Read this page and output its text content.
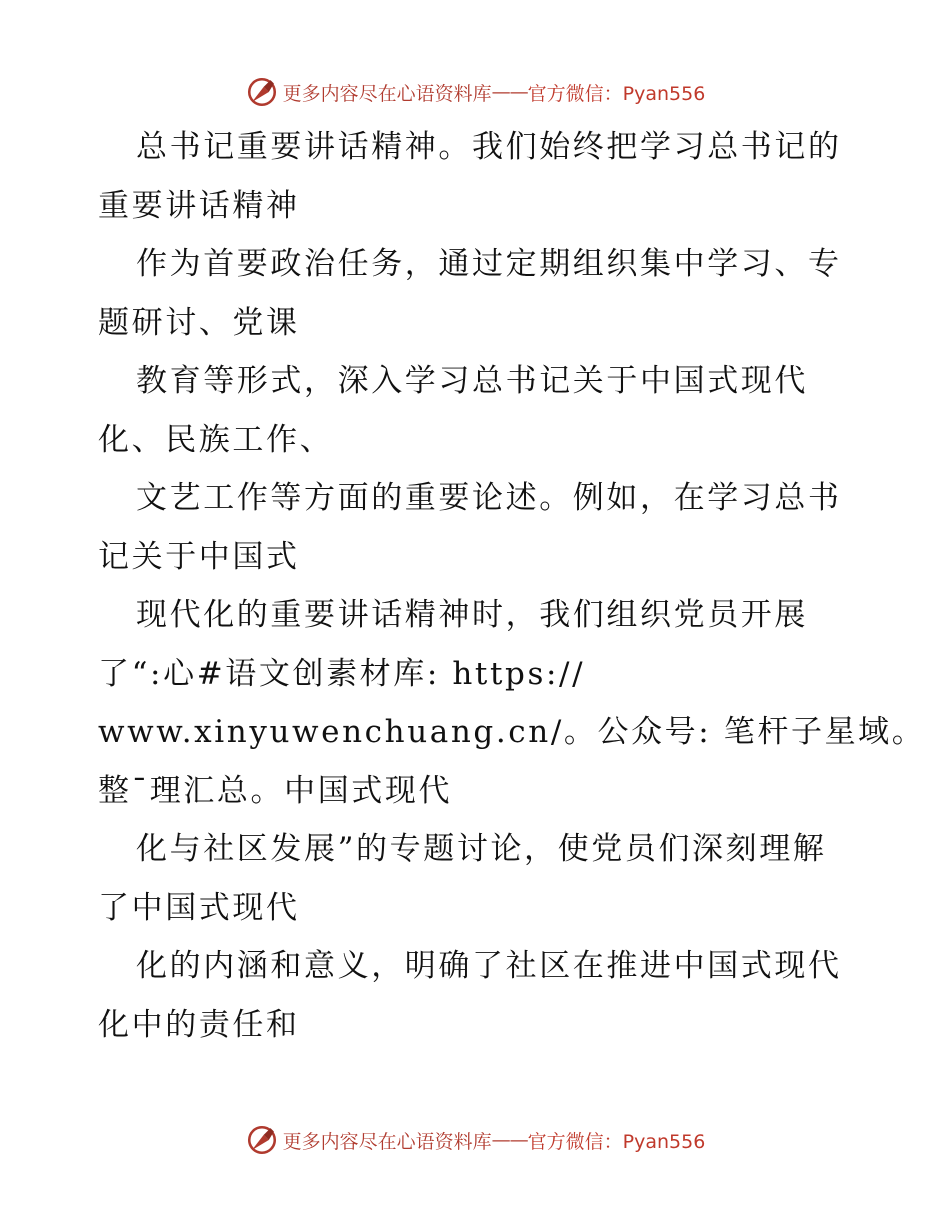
更多内容尽在心语资料库 —— 官方微信：Pyan556
总书记重要讲话精神。我们始终把学习总书记的
重要讲话精神
作为首要政治任务，通过定期组织集中学习、专
题研讨、党课
教育等形式，深入学习总书记关于中国式现代
化、民族工作、
文艺工作等方面的重要论述。例如，在学习总书
记关于中国式
现代化的重要讲话精神时，我们组织党员开展
了“:心#语文创素材库: https://
www.xinyuwenchuang.cn/。公众号: 笔杆子星域。
整¯理汇总。中国式现代
化与社区发展”的专题讨论，使党员们深刻理解
了中国式现代
化的内涵和意义，明确了社区在推进中国式现代
化中的责任和
更多内容尽在心语资料库 —— 官方微信：Pyan556
